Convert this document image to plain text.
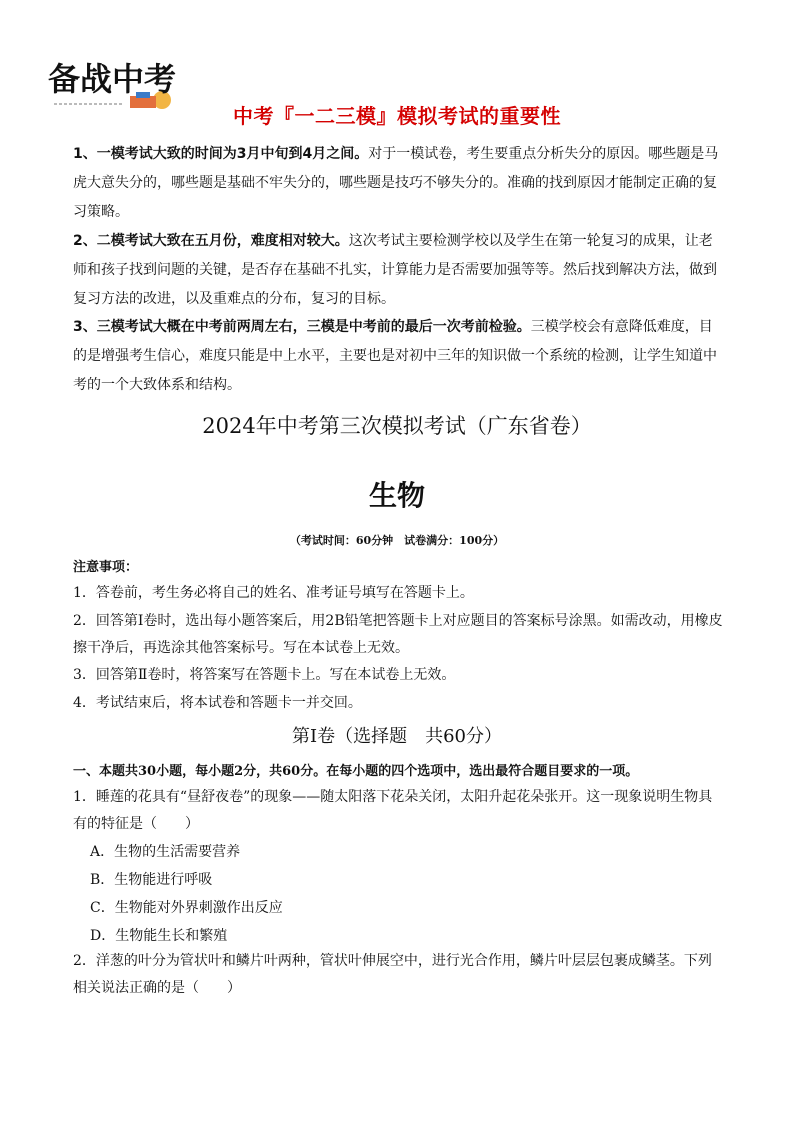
备战中考
中考『一二三模』模拟考试的重要性
1、一模考试大致的时间为3月中旬到4月之间。对于一模试卷，考生要重点分析失分的原因。哪些题是马虎大意失分的，哪些题是基础不牢失分的，哪些题是技巧不够失分的。准确的找到原因才能制定正确的复习策略。
2、二模考试大致在五月份，难度相对较大。这次考试主要检测学校以及学生在第一轮复习的成果，让老师和孩子找到问题的关键，是否存在基础不扎实，计算能力是否需要加强等等。然后找到解决方法，做到复习方法的改进，以及重难点的分布，复习的目标。
3、三模考试大概在中考前两周左右，三模是中考前的最后一次考前检验。三模学校会有意降低难度，目的是增强考生信心，难度只能是中上水平，主要也是对初中三年的知识做一个系统的检测，让学生知道中考的一个大致体系和结构。
2024年中考第三次模拟考试（广东省卷）
生物
（考试时间：60分钟　试卷满分：100分）
注意事项：
1．答卷前，考生务必将自己的姓名、准考证号填写在答题卡上。
2．回答第Ⅰ卷时，选出每小题答案后，用2B铅笔把答题卡上对应题目的答案标号涂黑。如需改动，用橡皮擦干净后，再选涂其他答案标号。写在本试卷上无效。
3．回答第Ⅱ卷时，将答案写在答题卡上。写在本试卷上无效。
4．考试结束后，将本试卷和答题卡一并交回。
第Ⅰ卷（选择题　共60分）
一、本题共30小题，每小题2分，共60分。在每小题的四个选项中，选出最符合题目要求的一项。
1．睡莲的花具有“昼舒夜卷”的现象——随太阳落下花朵关闭，太阳升起花朵张开。这一现象说明生物具有的特征是（　　）
A．生物的生活需要营养
B．生物能进行呼吸
C．生物能对外界刺激作出反应
D．生物能生长和繁殖
2．洋葱的叶分为管状叶和鳞片叶两种，管状叶伸展空中，进行光合作用，鳞片叶层层包裹成鳞茎。下列相关说法正确的是（　　）
